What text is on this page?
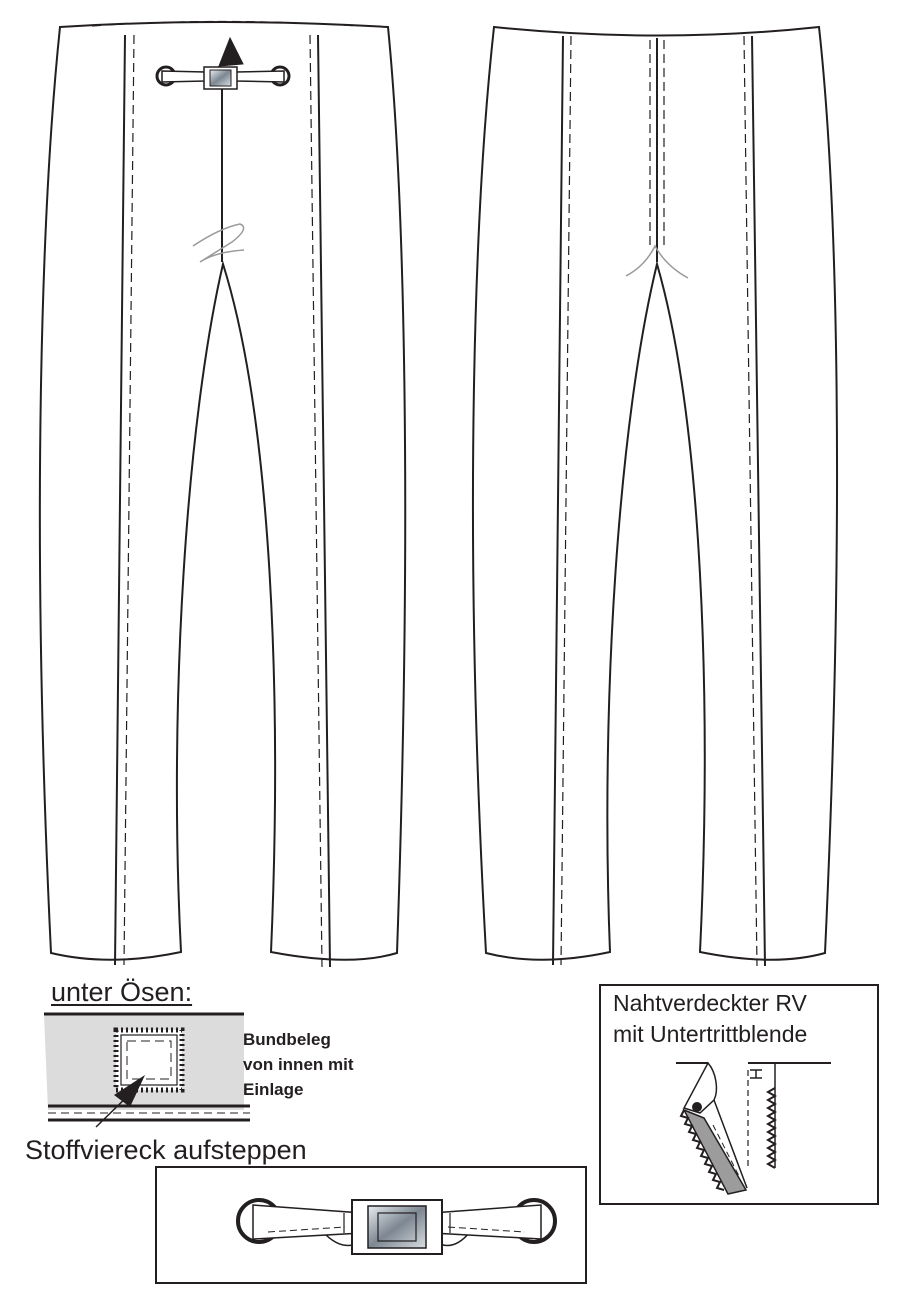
unter Ösen:
Bundbeleg
von innen mit
Einlage
Stoffviereck aufsteppen
Nahtverdeckter RV
mit Untertrittblende
